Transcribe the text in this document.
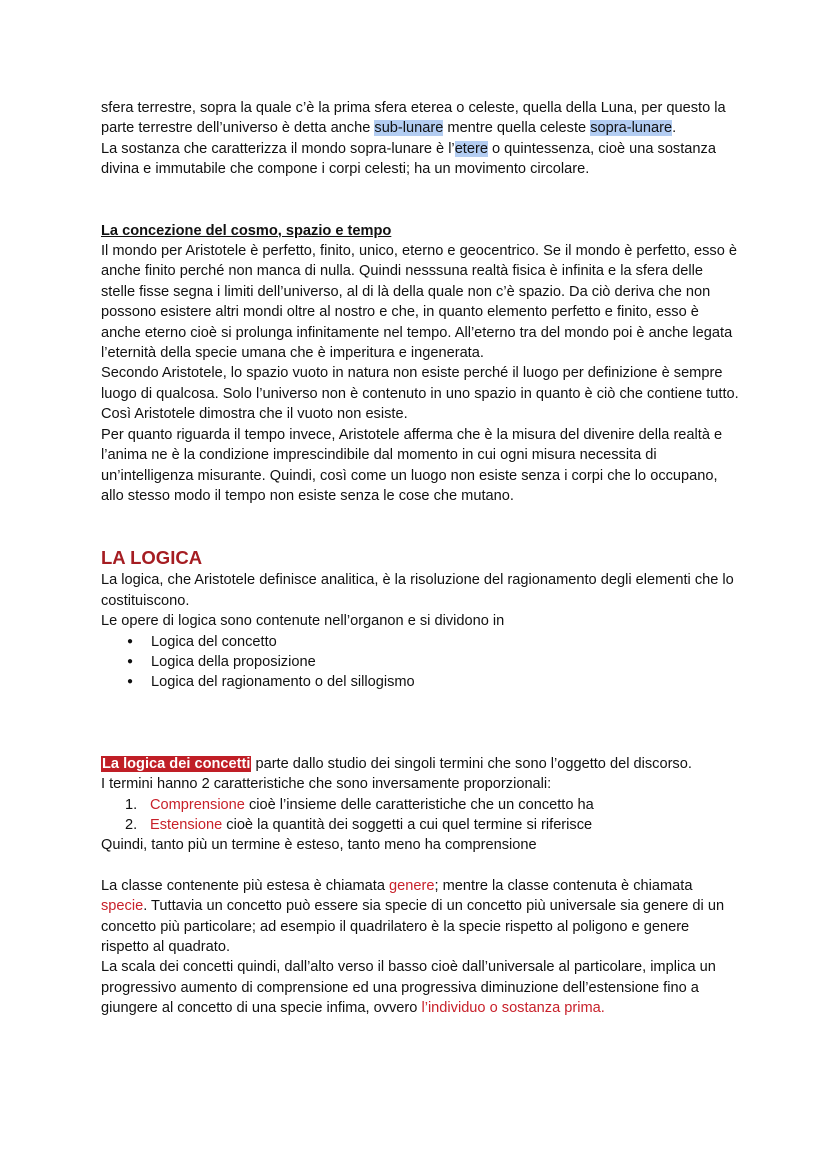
sfera terrestre, sopra la quale c’è la prima sfera eterea o celeste, quella della Luna, per questo la parte terrestre dell’universo è detta anche sub-lunare mentre quella celeste sopra-lunare.

La sostanza che caratterizza il mondo sopra-lunare è l’etere o quintessenza, cioè una sostanza divina e immutabile che compone i corpi celesti; ha un movimento circolare.

La concezione del cosmo, spazio e tempo

Il mondo per Aristotele è perfetto, finito, unico, eterno e geocentrico. Se il mondo è perfetto, esso è anche finito perché non manca di nulla. Quindi nesssuna realtà fisica è infinita e la sfera delle stelle fisse segna i limiti dell’universo, al di là della quale non c’è spazio. Da ciò deriva che non possono esistere altri mondi oltre al nostro e che, in quanto elemento perfetto e finito, esso è anche eterno cioè si prolunga infinitamente nel tempo. All’eterno tra del mondo poi è anche legata l’eternità della specie umana che è imperitura e ingenerata.

Secondo Aristotele, lo spazio vuoto in natura non esiste perché il luogo per definizione è sempre luogo di qualcosa. Solo l’universo non è contenuto in uno spazio in quanto è ciò che contiene tutto. Così Aristotele dimostra che il vuoto non esiste.

Per quanto riguarda il tempo invece, Aristotele afferma che è la misura del divenire della realtà e l’anima ne è la condizione imprescindibile dal momento in cui ogni misura necessita di un’intelligenza misurante. Quindi, così come un luogo non esiste senza i corpi che lo occupano, allo stesso modo il tempo non esiste senza le cose che mutano.

LA LOGICA

La logica, che Aristotele definisce analitica, è la risoluzione del ragionamento degli elementi che lo costituiscono.

Le opere di logica sono contenute nell’organon e si dividono in

● Logica del concetto
● Logica della proposizione
● Logica del ragionamento o del sillogismo

La logica dei concetti parte dallo studio dei singoli termini che sono l’oggetto del discorso.

I termini hanno 2 caratteristiche che sono inversamente proporzionali:

1. Comprensione cioè l’insieme delle caratteristiche che un concetto ha
2. Estensione cioè la quantità dei soggetti a cui quel termine si riferisce

Quindi, tanto più un termine è esteso, tanto meno ha comprensione

La classe contenente più estesa è chiamata genere; mentre la classe contenuta è chiamata specie. Tuttavia un concetto può essere sia specie di un concetto più universale sia genere di un concetto più particolare; ad esempio il quadrilatero è la specie rispetto al poligono e genere rispetto al quadrato.

La scala dei concetti quindi, dall’alto verso il basso cioè dall’universale al particolare, implica un progressivo aumento di comprensione ed una progressiva diminuzione dell’estensione fino a giungere al concetto di una specie infima, ovvero l’individuo o sostanza prima.
